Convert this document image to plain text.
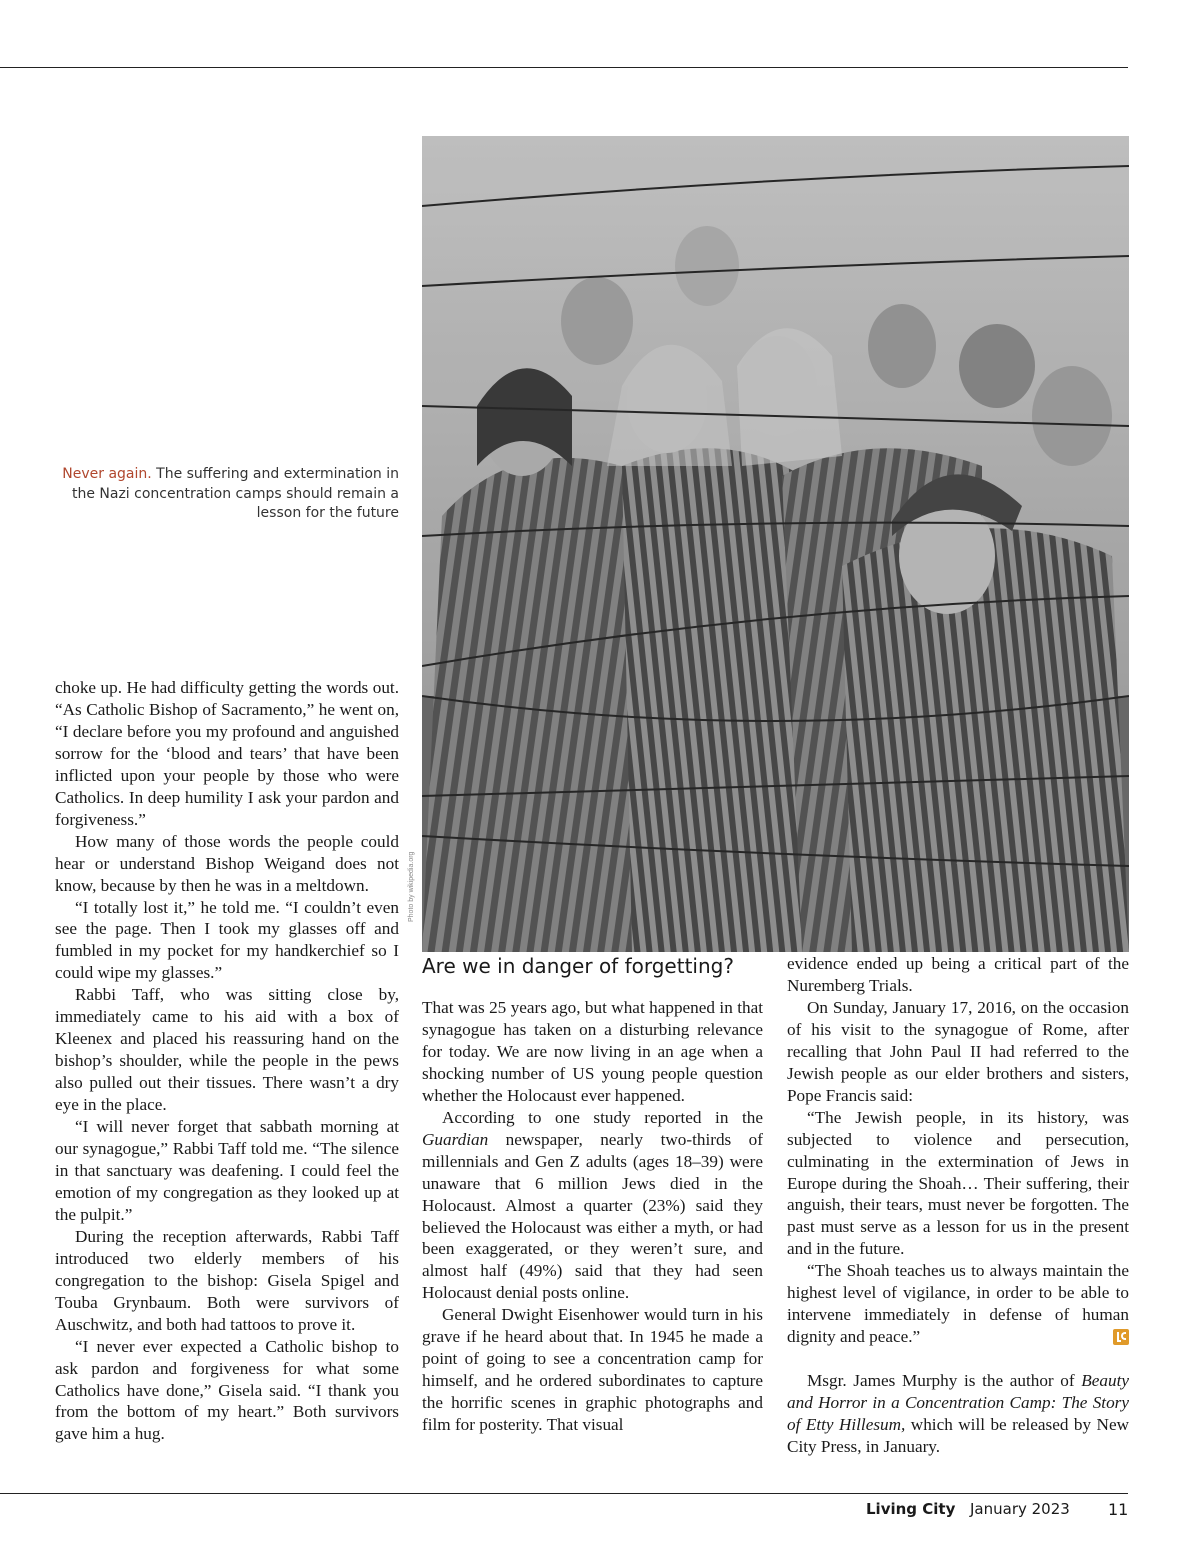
Photo by wikipedia.org
Never again. The suffering and extermination in the Nazi concentration camps should remain a lesson for the future

choke up. He had difficulty getting the words out. “As Catholic Bishop of Sacramento,” he went on, “I declare before you my profound and anguished sorrow for the ‘blood and tears’ that have been inflicted upon your people by those who were Catholics. In deep humility I ask your pardon and forgiveness.”

How many of those words the people could hear or understand Bishop Weigand does not know, because by then he was in a meltdown.

“I totally lost it,” he told me. “I couldn’t even see the page. Then I took my glasses off and fumbled in my pocket for my handkerchief so I could wipe my glasses.”

Rabbi Taff, who was sitting close by, immediately came to his aid with a box of Kleenex and placed his reassuring hand on the bishop’s shoulder, while the people in the pews also pulled out their tissues. There wasn’t a dry eye in the place.

“I will never forget that sabbath morning at our synagogue,” Rabbi Taff told me. “The silence in that sanctuary was deafening. I could feel the emotion of my congregation as they looked up at the pulpit.”

During the reception afterwards, Rabbi Taff introduced two elderly members of his congregation to the bishop: Gisela Spigel and Touba Grynbaum. Both were survivors of Auschwitz, and both had tattoos to prove it.

“I never ever expected a Catholic bishop to ask pardon and forgiveness for what some Catholics have done,” Gisela said. “I thank you from the bottom of my heart.” Both survivors gave him a hug.

Are we in danger of forgetting?

That was 25 years ago, but what happened in that synagogue has taken on a disturbing relevance for today. We are now living in an age when a shocking number of US young people question whether the Holocaust ever happened.

According to one study reported in the Guardian newspaper, nearly two-thirds of millennials and Gen Z adults (ages 18–39) were unaware that 6 million Jews died in the Holocaust. Almost a quarter (23%) said they believed the Holocaust was either a myth, or had been exaggerated, or they weren’t sure, and almost half (49%) said that they had seen Holocaust denial posts online.

General Dwight Eisenhower would turn in his grave if he heard about that. In 1945 he made a point of going to see a concentration camp for himself, and he ordered subordinates to capture the horrific scenes in graphic photographs and film for posterity. That visual

evidence ended up being a critical part of the Nuremberg Trials.

On Sunday, January 17, 2016, on the occasion of his visit to the synagogue of Rome, after recalling that John Paul II had referred to the Jewish people as our elder brothers and sisters, Pope Francis said:

“The Jewish people, in its history, was subjected to violence and persecution, culminating in the extermination of Jews in Europe during the Shoah… Their suffering, their anguish, their tears, must never be forgotten. The past must serve as a lesson for us in the present and in the future.

“The Shoah teaches us to always maintain the highest level of vigilance, in order to be able to intervene immediately in defense of human dignity and peace.”

Msgr. James Murphy is the author of Beauty and Horror in a Concentration Camp: The Story of Etty Hillesum, which will be released by New City Press, in January.

Living City January 2023 11
